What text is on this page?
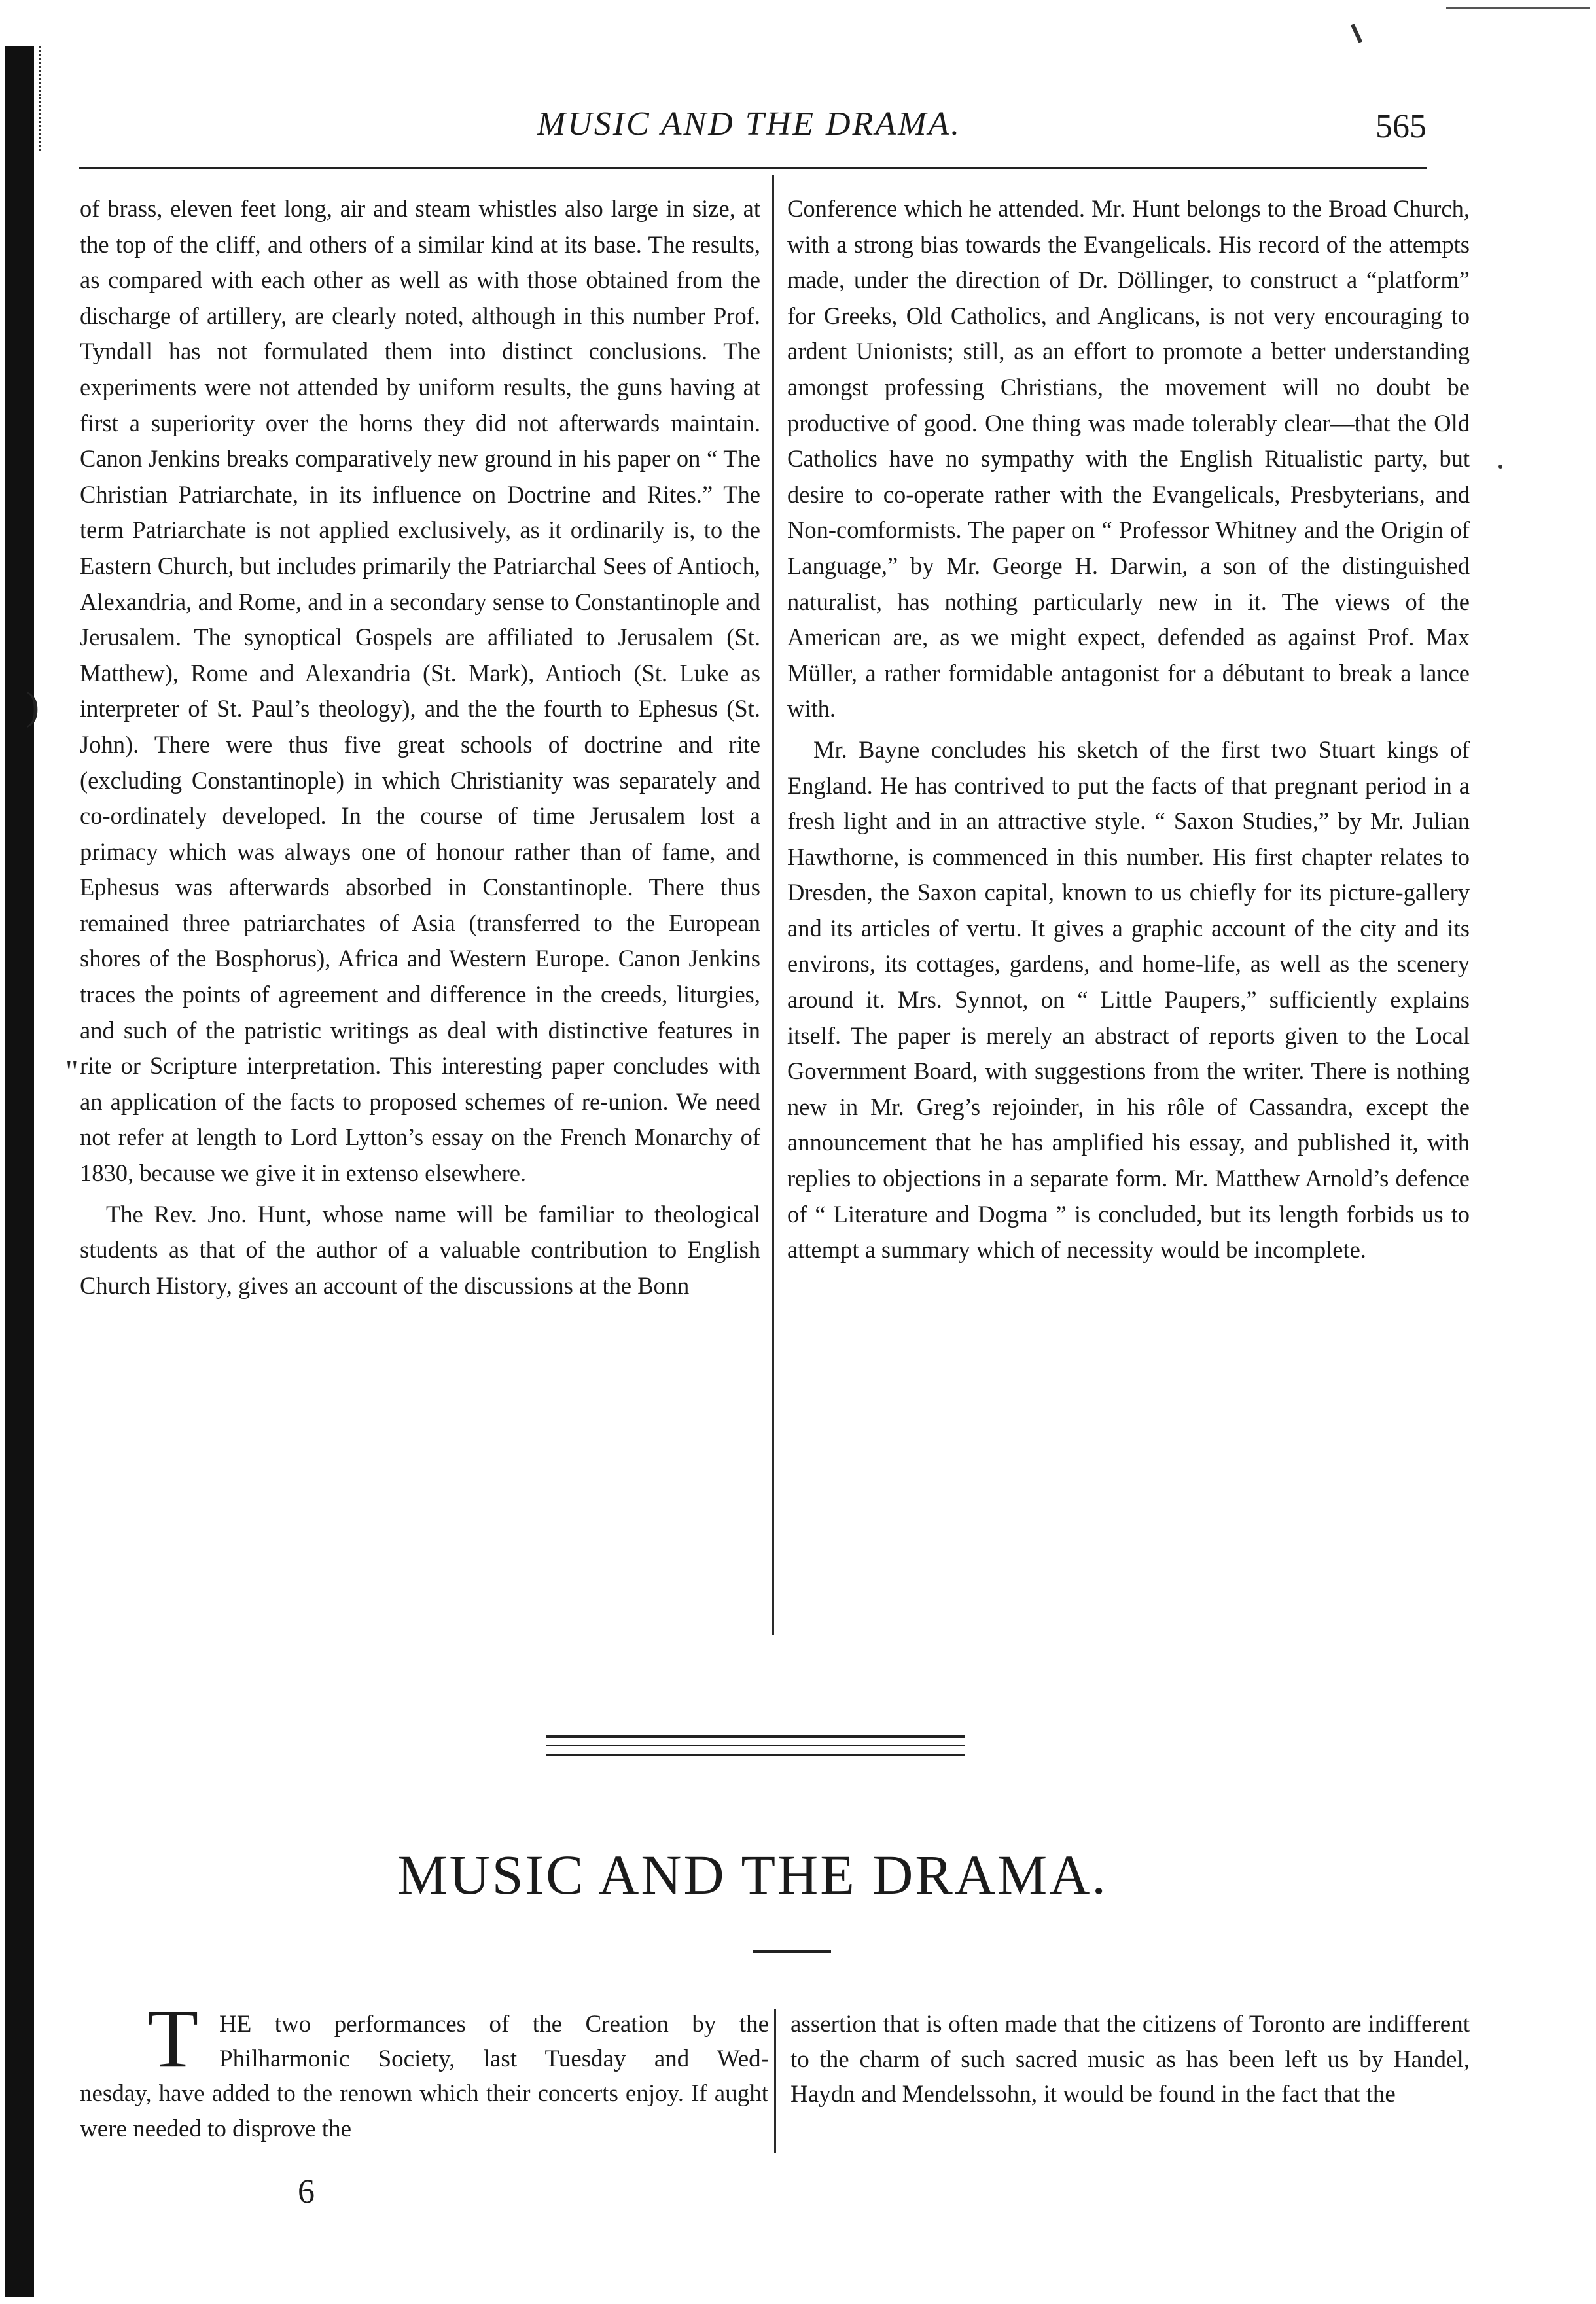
)
"
MUSIC AND THE DRAMA.	565

of brass, eleven feet long, air and steam whistles also large in size, at the top of the cliff, and others of a similar kind at its base. The results, as compared with each other as well as with those obtained from the discharge of artillery, are clearly noted, although in this number Prof. Tyndall has not formulated them into distinct conclusions. The experiments were not attended by uniform results, the guns having at first a superiority over the horns they did not afterwards maintain. Canon Jenkins breaks comparatively new ground in his paper on “ The Christian Patriarchate, in its influence on Doctrine and Rites.” The term Patriarchate is not applied exclusively, as it ordinarily is, to the Eastern Church, but includes primarily the Patriarchal Sees of Antioch, Alexandria, and Rome, and in a secondary sense to Constantinople and Jerusalem. The synoptical Gospels are affiliated to Jerusalem (St. Matthew), Rome and Alexandria (St. Mark), Antioch (St. Luke as interpreter of St. Paul’s theology), and the the fourth to Ephesus (St. John). There were thus five great schools of doctrine and rite (excluding Constantinople) in which Christianity was separately and co-ordinately developed. In the course of time Jerusalem lost a primacy which was always one of honour rather than of fame, and Ephesus was afterwards absorbed in Constantinople. There thus remained three patriarchates of Asia (transferred to the European shores of the Bosphorus), Africa and Western Europe. Canon Jenkins traces the points of agreement and difference in the creeds, liturgies, and such of the patristic writings as deal with distinctive features in rite or Scripture interpretation. This interesting paper concludes with an application of the facts to proposed schemes of re-union. We need not refer at length to Lord Lytton’s essay on the French Monarchy of 1830, because we give it in extenso elsewhere.

The Rev. Jno. Hunt, whose name will be familiar to theological students as that of the author of a valuable contribution to English Church History, gives an account of the discussions at the Bonn

Conference which he attended. Mr. Hunt belongs to the Broad Church, with a strong bias towards the Evangelicals. His record of the attempts made, under the direction of Dr. Döllinger, to construct a “platform” for Greeks, Old Catholics, and Anglicans, is not very encouraging to ardent Unionists; still, as an effort to promote a better understanding amongst professing Christians, the movement will no doubt be productive of good. One thing was made tolerably clear—that the Old Catholics have no sympathy with the English Ritualistic party, but desire to co-operate rather with the Evangelicals, Presbyterians, and Non-comformists. The paper on “ Professor Whitney and the Origin of Language,” by Mr. George H. Darwin, a son of the distinguished naturalist, has nothing particularly new in it. The views of the American are, as we might expect, defended as against Prof. Max Müller, a rather formidable antagonist for a débutant to break a lance with.

Mr. Bayne concludes his sketch of the first two Stuart kings of England. He has contrived to put the facts of that pregnant period in a fresh light and in an attractive style. “ Saxon Studies,” by Mr. Julian Hawthorne, is commenced in this number. His first chapter relates to Dresden, the Saxon capital, known to us chiefly for its picture-gallery and its articles of vertu. It gives a graphic account of the city and its environs, its cottages, gardens, and home-life, as well as the scenery around it. Mrs. Synnot, on “ Little Paupers,” sufficiently explains itself. The paper is merely an abstract of reports given to the Local Government Board, with suggestions from the writer. There is nothing new in Mr. Greg’s rejoinder, in his rôle of Cassandra, except the announcement that he has amplified his essay, and published it, with replies to objections in a separate form. Mr. Matthew Arnold’s defence of “ Literature and Dogma ” is concluded, but its length forbids us to attempt a summary which of necessity would be incomplete.

MUSIC AND THE DRAMA.
T HE two performances of the Creation by the
Philharmonic Society, last Tuesday and Wed-
nesday, have added to the renown which their concerts enjoy. If aught were needed to disprove the
assertion that is often made that the citizens of Toronto are indifferent to the charm of such sacred music as has been left us by Handel, Haydn and Mendelssohn, it would be found in the fact that the
6
